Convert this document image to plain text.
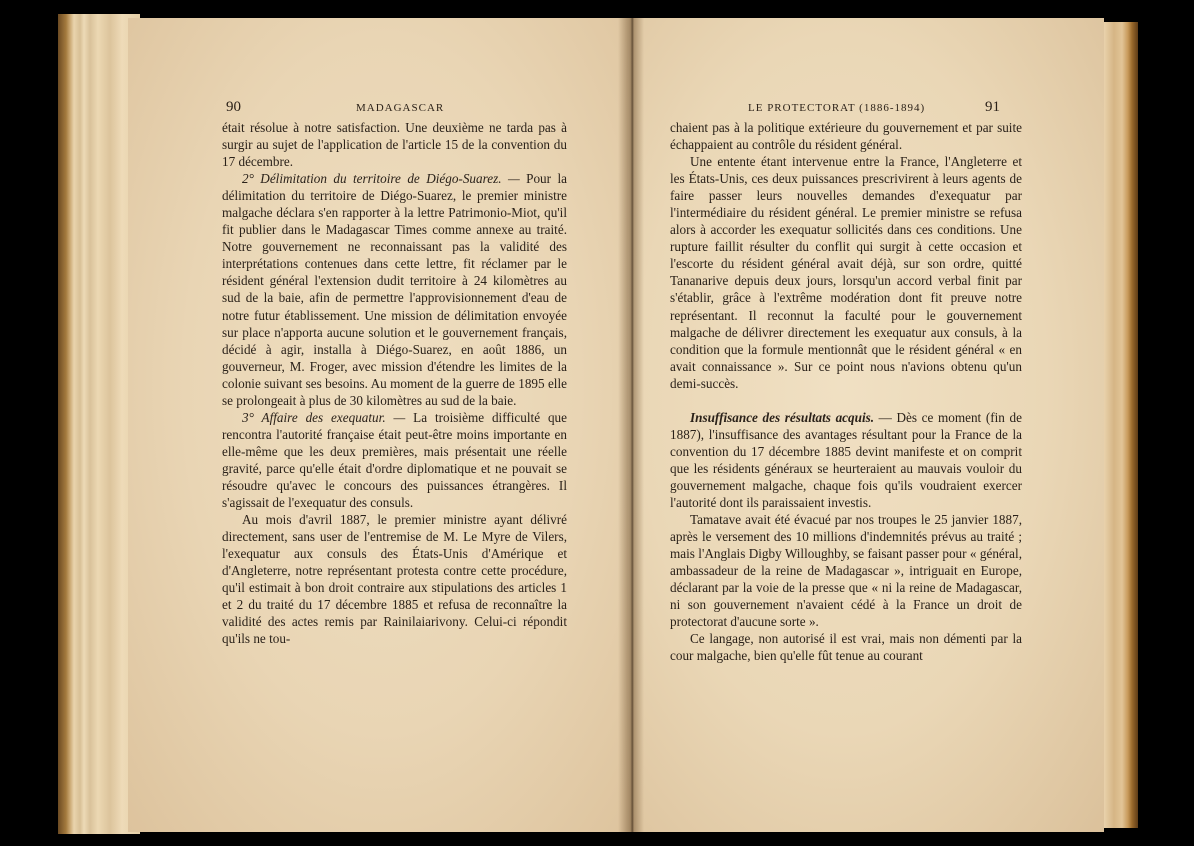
90	MADAGASCAR

était résolue à notre satisfaction. Une deuxième ne tarda pas à surgir au sujet de l'application de l'article 15 de la convention du 17 décembre.

2° Délimitation du territoire de Diégo-Suarez. — Pour la délimitation du territoire de Diégo-Suarez, le premier ministre malgache déclara s'en rapporter à la lettre Patrimonio-Miot, qu'il fit publier dans le Madagascar Times comme annexe au traité. Notre gouvernement ne reconnaissant pas la validité des interprétations contenues dans cette lettre, fit réclamer par le résident général l'extension dudit territoire à 24 kilomètres au sud de la baie, afin de permettre l'approvisionnement d'eau de notre futur établissement. Une mission de délimitation envoyée sur place n'apporta aucune solution et le gouvernement français, décidé à agir, installa à Diégo-Suarez, en août 1886, un gouverneur, M. Froger, avec mission d'étendre les limites de la colonie suivant ses besoins. Au moment de la guerre de 1895 elle se prolongeait à plus de 30 kilomètres au sud de la baie.

3° Affaire des exequatur. — La troisième difficulté que rencontra l'autorité française était peut-être moins importante en elle-même que les deux premières, mais présentait une réelle gravité, parce qu'elle était d'ordre diplomatique et ne pouvait se résoudre qu'avec le concours des puissances étrangères. Il s'agissait de l'exequatur des consuls.

Au mois d'avril 1887, le premier ministre ayant délivré directement, sans user de l'entremise de M. Le Myre de Vilers, l'exequatur aux consuls des États-Unis d'Amérique et d'Angleterre, notre représentant protesta contre cette procédure, qu'il estimait à bon droit contraire aux stipulations des articles 1 et 2 du traité du 17 décembre 1885 et refusa de reconnaître la validité des actes remis par Rainilaiarivony. Celui-ci répondit qu'ils ne tou-

LE PROTECTORAT (1886-1894)	91

chaient pas à la politique extérieure du gouvernement et par suite échappaient au contrôle du résident général.

Une entente étant intervenue entre la France, l'Angleterre et les États-Unis, ces deux puissances prescrivirent à leurs agents de faire passer leurs nouvelles demandes d'exequatur par l'intermédiaire du résident général. Le premier ministre se refusa alors à accorder les exequatur sollicités dans ces conditions. Une rupture faillit résulter du conflit qui surgit à cette occasion et l'escorte du résident général avait déjà, sur son ordre, quitté Tananarive depuis deux jours, lorsqu'un accord verbal finit par s'établir, grâce à l'extrême modération dont fit preuve notre représentant. Il reconnut la faculté pour le gouvernement malgache de délivrer directement les exequatur aux consuls, à la condition que la formule mentionnât que le résident général « en avait connaissance ». Sur ce point nous n'avions obtenu qu'un demi-succès.

Insuffisance des résultats acquis. — Dès ce moment (fin de 1887), l'insuffisance des avantages résultant pour la France de la convention du 17 décembre 1885 devint manifeste et on comprit que les résidents généraux se heurteraient au mauvais vouloir du gouvernement malgache, chaque fois qu'ils voudraient exercer l'autorité dont ils paraissaient investis.

Tamatave avait été évacué par nos troupes le 25 janvier 1887, après le versement des 10 millions d'indemnités prévus au traité ; mais l'Anglais Digby Willoughby, se faisant passer pour « général, ambassadeur de la reine de Madagascar », intriguait en Europe, déclarant par la voie de la presse que « ni la reine de Madagascar, ni son gouvernement n'avaient cédé à la France un droit de protectorat d'aucune sorte ».

Ce langage, non autorisé il est vrai, mais non démenti par la cour malgache, bien qu'elle fût tenue au courant
